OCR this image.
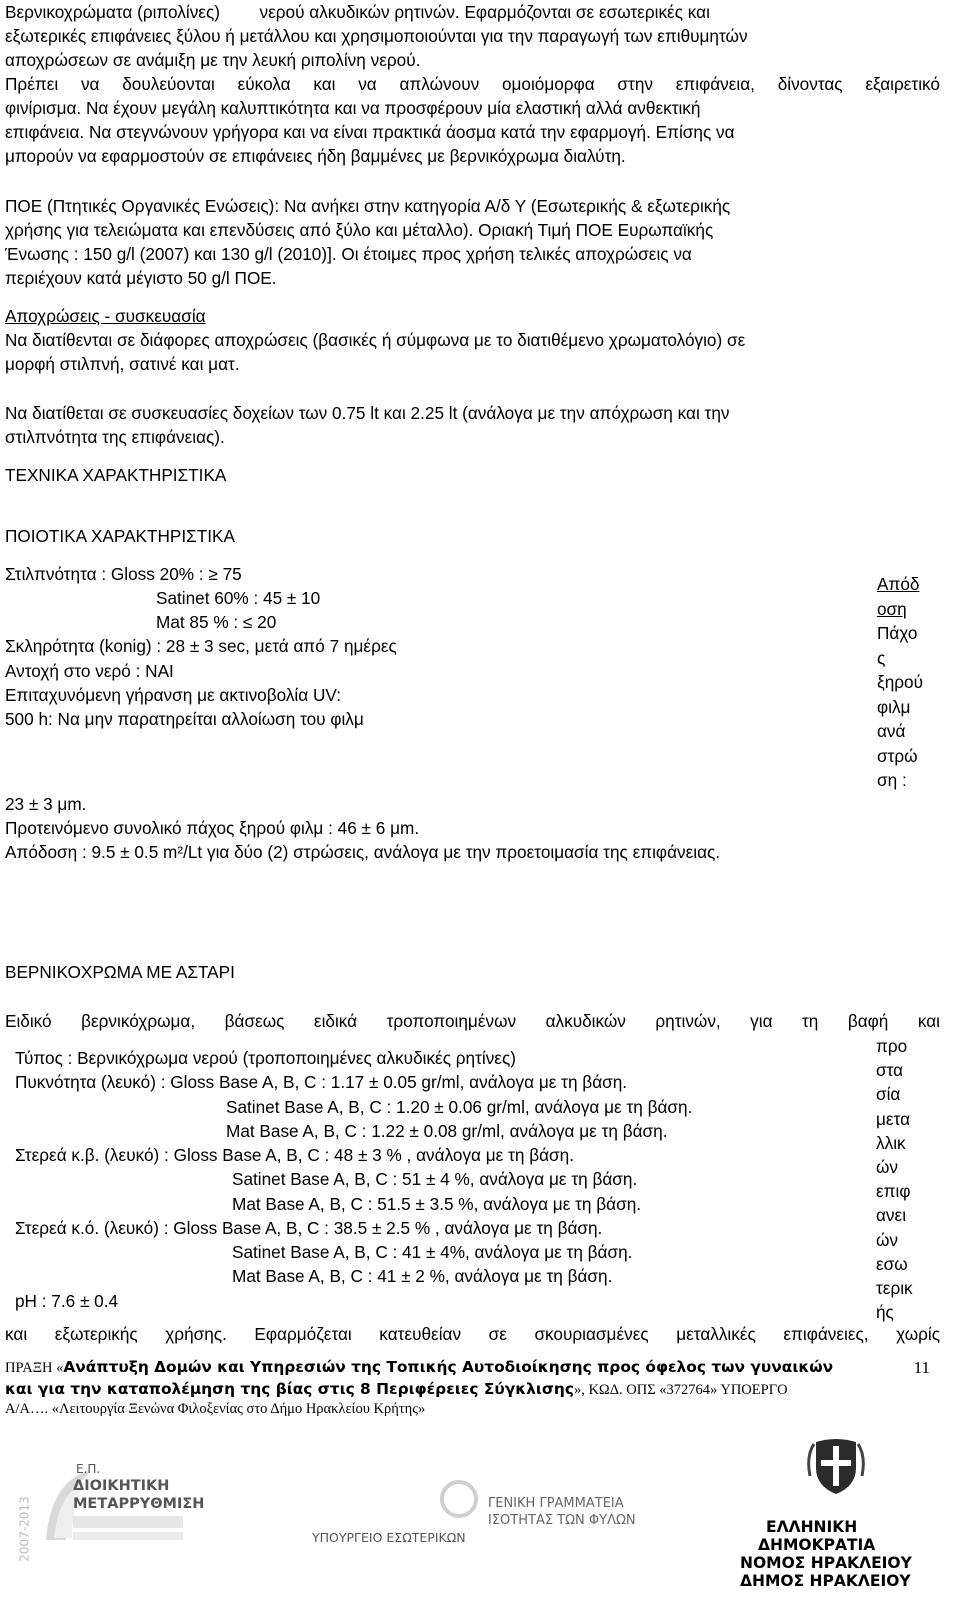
Βερνικοχρώματα (ριπολίνες) νερού αλκυδικών ρητινών. Εφαρμόζονται σε εσωτερικές και
εξωτερικές επιφάνειες ξύλου ή μετάλλου και χρησιμοποιούνται για την παραγωγή των επιθυμητών
αποχρώσεων σε ανάμιξη με την λευκή ριπολίνη νερού.
Πρέπει να δουλεύονται εύκολα και να απλώνουν ομοιόμορφα στην επιφάνεια, δίνοντας εξαιρετικό
φινίρισμα. Να έχουν μεγάλη καλυπτικότητα και να προσφέρουν μία ελαστική αλλά ανθεκτική
επιφάνεια. Να στεγνώνουν γρήγορα και να είναι πρακτικά άοσμα κατά την εφαρμογή. Επίσης να
μπορούν να εφαρμοστούν σε επιφάνειες ήδη βαμμένες με βερνικόχρωμα διαλύτη.
ΠΟΕ (Πτητικές Οργανικές Ενώσεις): Να ανήκει στην κατηγορία Α/δ Υ (Εσωτερικής & εξωτερικής
χρήσης για τελειώματα και επενδύσεις από ξύλο και μέταλλο). Οριακή Τιμή ΠΟΕ Ευρωπαϊκής
Ένωσης : 150 g/l (2007) και 130 g/l (2010)]. Οι έτοιμες προς χρήση τελικές αποχρώσεις να
περιέχουν κατά μέγιστο 50 g/l ΠΟΕ.
Αποχρώσεις - συσκευασία
Να διατίθενται σε διάφορες αποχρώσεις (βασικές ή σύμφωνα με το διατιθέμενο χρωματολόγιο) σε
μορφή στιλπνή, σατινέ και ματ.
Να διατίθεται σε συσκευασίες δοχείων των 0.75 lt και 2.25 lt (ανάλογα με την απόχρωση και την
στιλπνότητα της επιφάνειας).
ΤΕΧΝΙΚΑ ΧΑΡΑΚΤΗΡΙΣΤΙΚΑ
ΠΟΙΟΤΙΚΑ ΧΑΡΑΚΤΗΡΙΣΤΙΚΑ
Στιλπνότητα : Gloss 20% : ≥ 75
Satinet 60% : 45 ± 10
Mat 85 % : ≤ 20
Σκληρότητα (konig) : 28 ± 3 sec, μετά από 7 ημέρες
Αντοχή στο νερό : ΝΑΙ
Επιταχυνόμενη γήρανση με ακτινοβολία UV:
500 h: Να μην παρατηρείται αλλοίωση του φιλμ
Απόδ
οση
Πάχο
ς
ξηρού
φιλμ
ανά
στρώ
ση :
23 ± 3 μm.
Προτεινόμενο συνολικό πάχος ξηρού φιλμ : 46 ± 6 μm.
Απόδοση : 9.5 ± 0.5 m²/Lt για δύο (2) στρώσεις, ανάλογα με την προετοιμασία της επιφάνειας.
ΒΕΡΝΙΚΟΧΡΩΜΑ ΜΕ ΑΣΤΑΡΙ
Ειδικό βερνικόχρωμα, βάσεως ειδικά τροποποιημένων αλκυδικών ρητινών, για τη βαφή και
προ
στα
σία
μετα
λλικ
ών
επιφ
ανει
ών
εσω
τερικ
ής
Τύπος : Βερνικόχρωμα νερού (τροποποιημένες αλκυδικές ρητίνες)
Πυκνότητα (λευκό) : Gloss Base A, B, C : 1.17 ± 0.05 gr/ml, ανάλογα με τη βάση.
Satinet Base A, B, C : 1.20 ± 0.06 gr/ml, ανάλογα με τη βάση.
Mat Base A, B, C : 1.22 ± 0.08 gr/ml, ανάλογα με τη βάση.
Στερεά κ.β. (λευκό) : Gloss Base A, B, C : 48 ± 3 % , ανάλογα με τη βάση.
Satinet Base A, B, C : 51 ± 4 %, ανάλογα με τη βάση.
Mat Base A, B, C : 51.5 ± 3.5 %, ανάλογα με τη βάση.
Στερεά κ.ό. (λευκό) : Gloss Base A, B, C : 38.5 ± 2.5 % , ανάλογα με τη βάση.
Satinet Base A, B, C : 41 ± 4%, ανάλογα με τη βάση.
Mat Base A, B, C : 41 ± 2 %, ανάλογα με τη βάση.
pH : 7.6 ± 0.4
και εξωτερικής χρήσης. Εφαρμόζεται κατευθείαν σε σκουριασμένες μεταλλικές επιφάνειες, χωρίς
ΠΡΑΞΗ «Ανάπτυξη Δομών και Υπηρεσιών της Τοπικής Αυτοδιοίκησης προς όφελος των γυναικών
και για την καταπολέμηση της βίας στις 8 Περιφέρειες Σύγκλισης», ΚΩΔ. ΟΠΣ «372764» ΥΠΟΕΡΓΟ
Α/Α…. «Λειτουργία Ξενώνα Φιλοξενίας στο Δήμο Ηρακλείου Κρήτης»
11
2007-2013
Ε.Π.
ΔΙΟΙΚΗΤΙΚΗ
ΜΕΤΑΡΡΥΘΜΙΣΗ
ΥΠΟΥΡΓΕΙΟ ΕΣΩΤΕΡΙΚΩΝ
ΓΕΝΙΚΗ ΓΡΑΜΜΑΤΕΙΑ
ΙΣΟΤΗΤΑΣ ΤΩΝ ΦΥΛΩΝ	ΕΛΛΗΝΙΚΗ
ΔΗΜΟΚΡΑΤΙΑ
ΝΟΜΟΣ ΗΡΑΚΛΕΙΟΥ
ΔΗΜΟΣ ΗΡΑΚΛΕΙΟΥ
